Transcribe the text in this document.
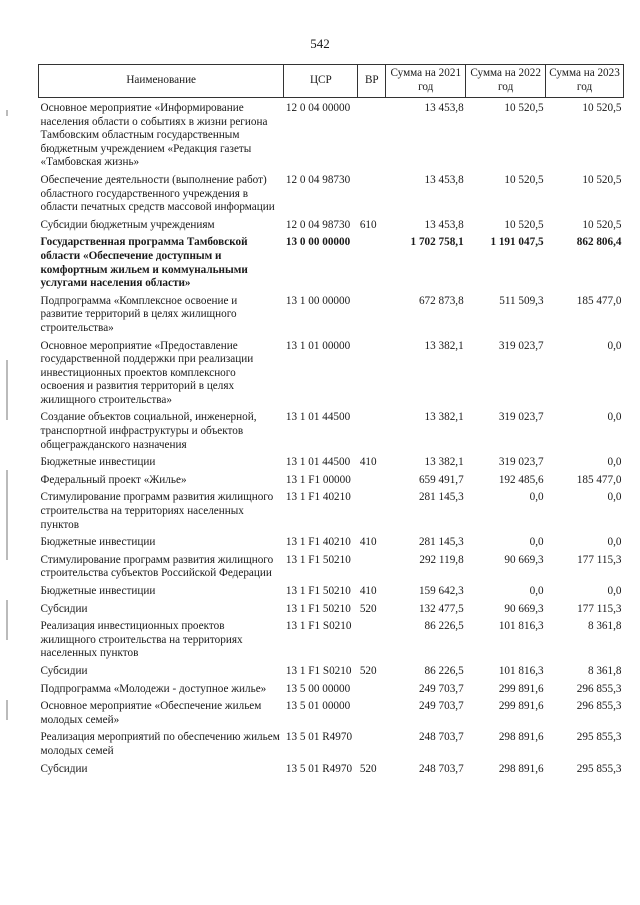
542
Наименование	ЦСР	ВР	Сумма на 2021 год	Сумма на 2022 год	Сумма на 2023 год
Основное мероприятие «Информирование населения области о событиях в жизни региона Тамбовским областным государственным бюджетным учреждением «Редакция газеты «Тамбовская жизнь»	12 0 04 00000		13 453,8	10 520,5	10 520,5
Обеспечение деятельности (выполнение работ) областного государственного учреждения в области печатных средств массовой информации	12 0 04 98730		13 453,8	10 520,5	10 520,5
Субсидии бюджетным учреждениям	12 0 04 98730	610	13 453,8	10 520,5	10 520,5
Государственная программа Тамбовской области «Обеспечение доступным и комфортным жильем и коммунальными услугами населения области»	13 0 00 00000		1 702 758,1	1 191 047,5	862 806,4
Подпрограмма «Комплексное освоение и развитие территорий в целях жилищного строительства»	13 1 00 00000		672 873,8	511 509,3	185 477,0
Основное мероприятие «Предоставление государственной поддержки при реализации инвестиционных проектов комплексного освоения и развития территорий в целях жилищного строительства»	13 1 01 00000		13 382,1	319 023,7	0,0
Создание объектов социальной, инженерной, транспортной инфраструктуры и объектов общегражданского назначения	13 1 01 44500		13 382,1	319 023,7	0,0
Бюджетные инвестиции	13 1 01 44500	410	13 382,1	319 023,7	0,0
Федеральный проект «Жилье»	13 1 F1 00000		659 491,7	192 485,6	185 477,0
Стимулирование программ развития жилищного строительства на территориях населенных пунктов	13 1 F1 40210		281 145,3	0,0	0,0
Бюджетные инвестиции	13 1 F1 40210	410	281 145,3	0,0	0,0
Стимулирование программ развития жилищного строительства субъектов Российской Федерации	13 1 F1 50210		292 119,8	90 669,3	177 115,3
Бюджетные инвестиции	13 1 F1 50210	410	159 642,3	0,0	0,0
Субсидии	13 1 F1 50210	520	132 477,5	90 669,3	177 115,3
Реализация инвестиционных проектов жилищного строительства на территориях населенных пунктов	13 1 F1 S0210		86 226,5	101 816,3	8 361,8
Субсидии	13 1 F1 S0210	520	86 226,5	101 816,3	8 361,8
Подпрограмма «Молодежи - доступное жилье»	13 5 00 00000		249 703,7	299 891,6	296 855,3
Основное мероприятие «Обеспечение жильем молодых семей»	13 5 01 00000		249 703,7	299 891,6	296 855,3
Реализация мероприятий по обеспечению жильем молодых семей	13 5 01 R4970		248 703,7	298 891,6	295 855,3
Субсидии	13 5 01 R4970	520	248 703,7	298 891,6	295 855,3
